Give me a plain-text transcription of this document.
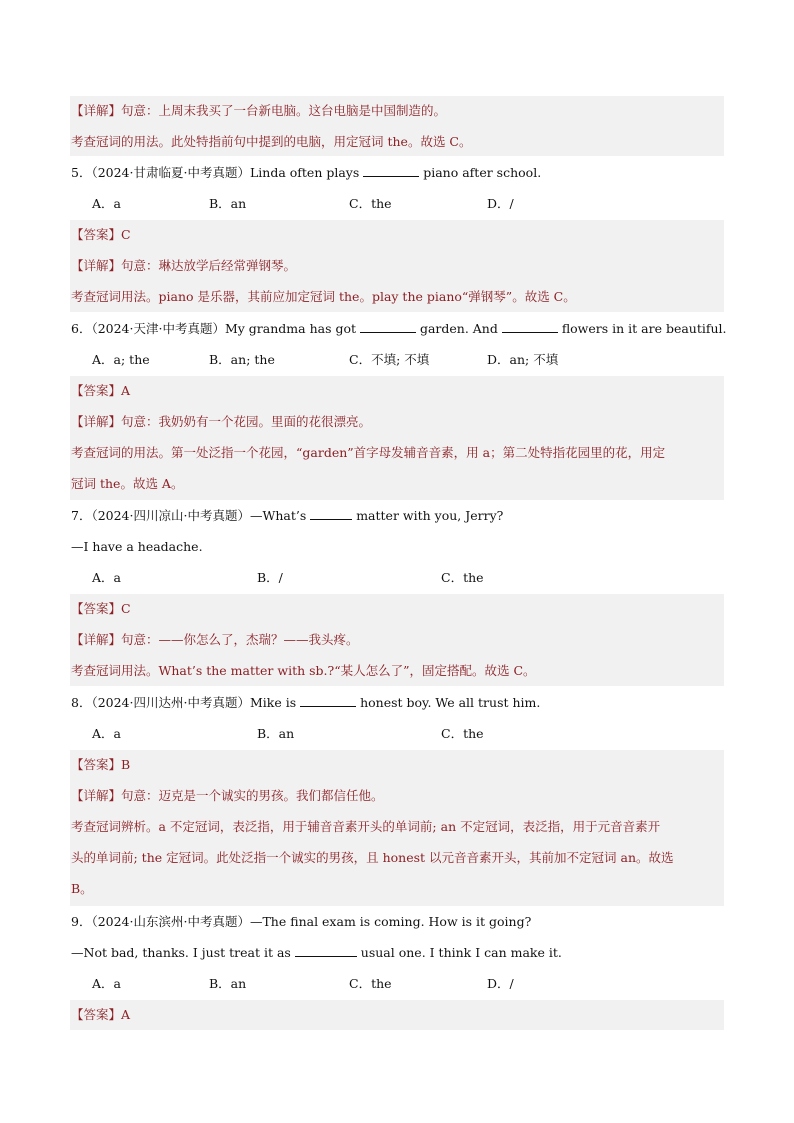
【详解】句意：上周末我买了一台新电脑。这台电脑是中国制造的。
考查冠词的用法。此处特指前句中提到的电脑，用定冠词 the。故选 C。
5．（2024·甘肃临夏·中考真题）Linda often plays	piano after school.
A．a	B．an	C．the	D．/
【答案】C
【详解】句意：琳达放学后经常弹钢琴。
考查冠词用法。piano 是乐器，其前应加定冠词 the。play the piano“弹钢琴”。故选 C。
6．（2024·天津·中考真题）My grandma has got	garden. And	flowers in it are beautiful.
A．a; the	B．an; the	C．不填; 不填	D．an; 不填
【答案】A
【详解】句意：我奶奶有一个花园。里面的花很漂亮。
考查冠词的用法。第一处泛指一个花园，“garden”首字母发辅音音素，用 a；第二处特指花园里的花，用定
冠词 the。故选 A。
7．（2024·四川凉山·中考真题）—What’s	matter with you, Jerry?
—I have a headache.
A．a	B．/	C．the
【答案】C
【详解】句意：——你怎么了，杰瑞？——我头疼。
考查冠词用法。What’s the matter with sb.?“某人怎么了”，固定搭配。故选 C。
8．（2024·四川达州·中考真题）Mike is	honest boy. We all trust him.
A．a	B．an	C．the
【答案】B
【详解】句意：迈克是一个诚实的男孩。我们都信任他。
考查冠词辨析。a 不定冠词，表泛指，用于辅音音素开头的单词前; an 不定冠词，表泛指，用于元音音素开
头的单词前; the 定冠词。此处泛指一个诚实的男孩，且 honest 以元音音素开头，其前加不定冠词 an。故选
B。
9．（2024·山东滨州·中考真题）—The final exam is coming. How is it going?
—Not bad, thanks. I just treat it as	usual one. I think I can make it.
A．a	B．an	C．the	D．/
【答案】A
